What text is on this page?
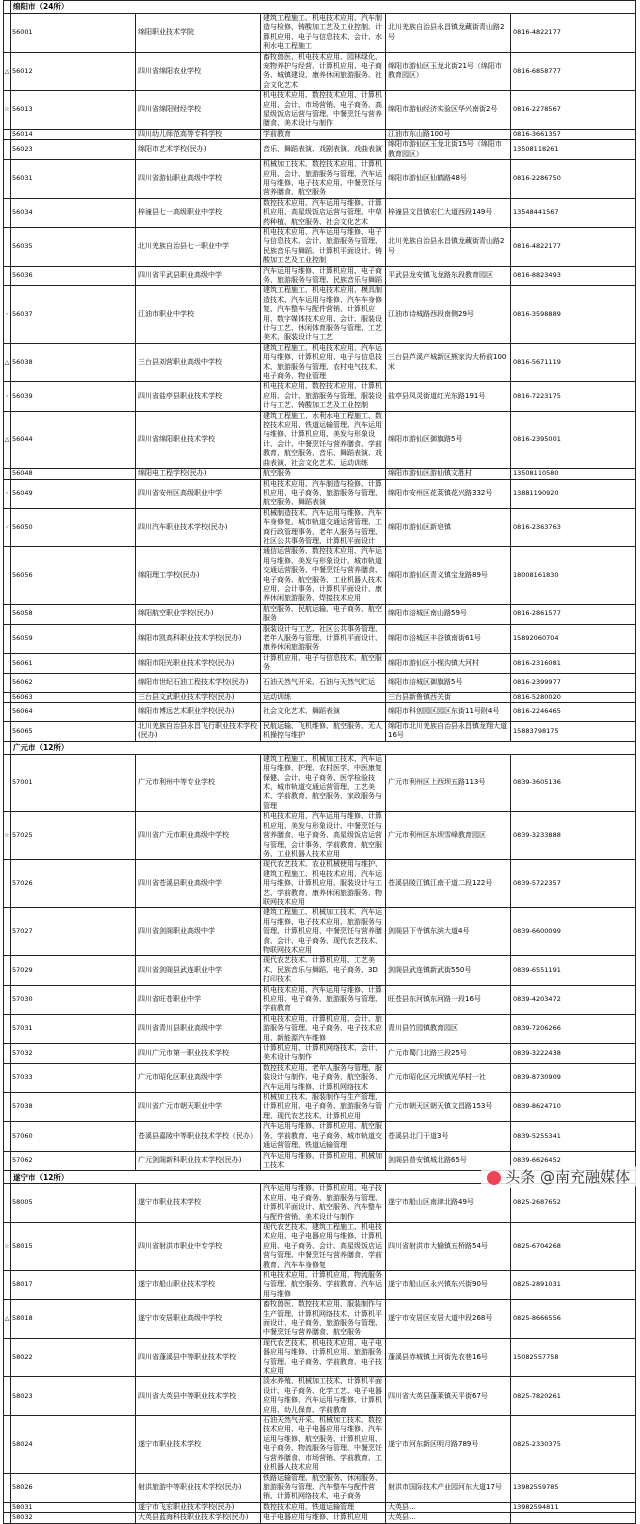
	绵阳市（24所）				
	56001	绵阳职业技术学院	建筑工程施工、机电技术应用、汽车制造与检修、铸酸加工艺及工业控制、计算机应用、电子与信息技术、会计、水利水电工程施工	北川羌族自治县永昌镇龙藏街青山路2号	0816-4822177
△	56012	四川省绵阳农业学校	畜牧兽医、机电技术应用、园林绿化、宠物养护与经营、计算机应用、电子商务、城镇建设、康养休闲旅游服务、社会文化艺术	绵阳市游仙区玉龙北街21号（绵阳市教育园区）	0816-6858777
☆	56013	四川省绵阳财经学校	机电技术应用、数控技术应用、计算机应用、会计、市场营销、电子商务、高星级饭店运营与管理、中餐烹饪与营养膳食、美术设计与制作	绵阳市游仙经济实验区华兴南街2号	0816-2278567
	56014	四川幼儿师范高等专科学校	学前教育	江油市东山路100号	0816-3661357
	56023	绵阳市艺术学校(民办)	音乐、舞蹈表演、戏剧表演、戏曲表演	绵阳市游仙区玉龙北街15号（绵阳市教育园区）	13508118261
	56031	四川省游仙职业高级中学校	机械加工技术、数控技术应用、计算机应用、会计、旅游服务与管理、汽车运用与维修、电子技术应用、中餐烹饪与营养膳食、航空服务	绵阳市游仙区仙鹤路48号	0816-2286750
	56034	梓潼县七一高级职业中学校	数控技术应用、汽车运用与维修、计算机应用、高星级饭店运营与管理、中草药种植、航空服务、社会文化艺术	梓潼县文昌镇宏仁大道西段149号	13548441567
	56035	北川羌族自治县七一职业中学	机电技术应用、汽车运用与维修、电子与信息技术、会计、旅游服务与管理、民族音乐与舞蹈、计算机平面设计、铸酸加工艺及工业控制	北川羌族自治县永昌镇龙藏街青山路2号	0816-4822177
	56036	四川省平武县职业高级中学	汽车运用与维修、计算机应用、电子商务、旅游服务与管理、民族音乐与舞蹈	平武县龙安镇飞龙路东段教育园区	0816-8823493
◦	56037	江油市职业中学校	建筑工程施工、机电技术应用、模具制造技术、汽车运用与维修、汽车车身修复、汽车整车与配件营销、计算机应用、数字媒体技术应用、会计、服装设计与工艺、休闲体育服务与管理、工艺美术、服装设计与工艺	江油市诗城路西段南侧29号	0816-3598889
△	56038	三台县刘营职业高级中学校	建筑工程施工、机电技术应用、汽车运用与维修、计算机应用、电子与信息技术、旅游服务与管理、农村电气技术、电子商务、物业管理	三台县芦溪产城新区熊家沟大桥前100米	0816-5671119
◦	56039	四川省盐亭县职业技术学校	机电技术应用、数控技术应用、计算机应用、会计、旅游服务与管理、服装设计与工艺、铸酸加工艺及工业控制	盐亭县凤灵街道红光东路191号	0816-7223175
△	56044	四川省绵阳职业技术学校	建筑工程施工、水利水电工程施工、数控技术应用、铁道运输管理、汽车运用与维修、计算机应用、美发与形象设计、会计、中餐烹饪与营养膳食、学前教育、航空服务、音乐、舞蹈表演、戏曲表演、社会文化艺术、运动训练	绵阳市游仙区御旗路5号	0816-2395001
	56048	绵阳电工程学校(民办)	航空服务	绵阳市游仙区游仙镇文胜村	13508110580
◦	56049	四川省安州区高级职业中学	机电技术应用、汽车制造与检修、计算机应用、电子商务、旅游服务与管理、航空服务、舞蹈表演	绵阳市安州区花荄镇花兴路332号	13881190920
◦	56050	四川汽车职业技术学校(民办)	机械制造技术、汽车运用与维修、汽车车身修复、城市轨道交通运营管理、工商行政管理事务、老年人服务与管理、社区公共事务管理、计算机平面设计	绵阳市游仙区新皂镇	0816-2363763
	56056	绵阳理工学校(民办)	通信运营服务、数控技术应用、汽车运用与维修、美发与形象设计、城市轨道交通运营服务、中餐烹饪与营养膳食、电子商务、航空服务、工业机器人技术应用、会计事务、计算机平面设计、康养休闲旅游服务、焊接技术应用	绵阳市游仙区青义镇宝龙路89号	18008161830
	56058	绵阳航空职业学校(民办)	航空服务、民航运输、电子商务、航空服务	绵阳市涪城区南山路59号	0816-2861577
	56059	绵阳市凯高科职业技术学校(民办)	服装设计与工艺、社区公共事务管理、老年人服务与管理、计算机平面设计、康养休闲旅游服务	绵阳市涪城区丰谷镇南街61号	15892060704
	56061	绵阳市阳光职业技术学校(民办)	计算机应用、电子与信息技术、航空服务	绵阳市游仙区小枧沟镇大河村	0816-2316081
	56062	绵阳市世纪石油工程技术学校(民办)	石油天然气开采、石油与天然气贮运	绵阳市涪城区御旗路5号	0816-2399977
	56063	三台县文武职业技术学校(民办)	运动训练	三台县新鲁镇西关街	0816-5280020
	56064	绵阳市博远艺术职业学校(民办)	社会文化艺术、舞蹈表演	绵阳市科创园区园区东街11号附4号	0816-2246465
	56065	北川羌族自治县永昌飞行职业技术学校(民办)	民航运输、飞机维修、航空服务、无人机操控与维护	绵阳市北川羌族自治县永昌镇龙翔大道16号	15883798175
	广元市（12所）				
	57001	广元市利州中等专业学校	建筑工程施工、机械加工技术、汽车运用与维修、护理、农村医学、中医康复保健、会计、电子商务、医学检验技术、城市轨道交通运营管理、工艺美术、学前教育、航空服务、家政服务与管理	广元市利州区上西坝五路113号	0839-3605136
☆	57025	四川省广元市职业高级中学校	机电技术应用、汽车运用与维修、计算机应用、美发与形象设计、中餐烹饪与营养膳食、电子商务、高星级饭店运营与管理、会计事务、学前教育、航空服务、工业机器人技术应用	广元市利州区东坝雪峰教育园区	0839-3233888
	57026	四川省苍溪县职业高级中学	现代农艺技术、农业机械使用与维护、建筑工程施工、机电技术应用、汽车运用与维修、计算机应用、服装设计与工艺、学前教育、康养休闲旅游服务、物联网技术应用	苍溪县陵江镇江南干道二段122号	0839-5722357
	57027	四川省剑阁职业高级中学	建筑工程施工、机械加工技术、汽车运用与维修、电子技术应用、旅游服务与管理、计算机应用、中餐烹饪与营养膳食、会计、电子商务、现代农艺技术、物联网技术应用	剑阁县下寺镇东滨大道4号	0839-6600099
	57029	四川省剑阁县武连职业中学	现代农艺技术、计算机应用、工艺美术、民族音乐与舞蹈、电子商务、3D打印技术	剑阁县武连镇新武街550号	0839-6551191
	57030	四川省旺苍职业中学	机电技术应用、汽车运用与维修、计算机应用、电子商务、旅游服务与管理、学前教育	旺苍县东河镇东河路一段16号	0839-4203472
	57031	四川省青川县职业高级中学	机电技术应用、计算机应用、会计、旅游服务与管理、电子商务、电子技术应用、新能源汽车维修	青川县竹园镇教育园区	0839-7206266
	57032	四川广元市第一职业技术学校	计算机应用、计算机网络技术、会计、美术设计与制作	广元市蜀门北路三段25号	0839-3222438
	57033	广元市昭化区职业高级中学	数控技术应用、老年人服务与管理、服装设计与制作、电子商务、航空服务、汽车运用与维修、计算机网络技术	广元市昭化区元坝镇光华村一社	0839-8730909
	57038	四川省广元市朝天职业中学	机械加工技术、服装制作与生产管理、计算机应用、电子商务、旅游服务与管理、现代农艺技术、计算机应用	广元市朝天区朝天镇文昌路153号	0839-8624710
	57060	苍溪县嘉陵中等职业技术学校（民办）	汽车运用与维修、计算机应用、航空服务、学前教育、电子商务、城市轨道交通运营管理、铁道运输管理	苍溪县北门干道3号	0839-5255341
	57062	广元剑阁新科职业技术学校(民办)	汽车运用与维修、计算机应用、机械加工技术	剑阁县普安镇城北路65号	0839-6626452
	遂宁市（12所）				
	58005	遂宁市职业技术学校	汽车运用与维修、计算机应用、电子技术应用、电子商务、旅游服务与管理、计算机平面设计、航空服务、汽车整车与配件营销、美术设计与制作	遂宁市船山区南津北路49号	0825-2687652
☆	58015	四川省射洪市职业中专学校	现代农艺技术、建筑工程施工、机电技术应用、电子电器应用与维修、计算机应用、电子商务、会计、高星级饭店运营与管理、中餐烹饪与营养膳食、学前教育、汽车车身修复	四川省射洪市大榆镇五桥路54号	0825-6704268
	58017	遂宁市船山职业技术学校	机电技术应用、计算机应用、物流服务与管理、航空服务、学前教育、汽车运用与维修	遂宁市船山区永兴镇东兴街90号	0825-2891031
△	58018	遂宁市安居职业高级中学校	畜牧兽医、数控技术应用、服装制作与生产管理、计算机网络技术、计算机平面设计、电子商务、旅游服务与管理、中餐烹饪与营养膳食、航空服务	遂宁市安居区安居大道中段268号	0825-8666556
	58022	四川省蓬溪县中等职业技术学校	现代农艺技术、机电技术应用、电子电器应用与维修、计算机应用、旅游服务与管理、电子商务、学前教育、电子技术应用	蓬溪县赤城镇上河街先农巷16号	15082557758
	58023	四川省大英县中等职业技术学校	淡水养殖、机械加工技术、计算机平面设计、电子商务、化学工艺、电子电器应用与维修、汽车运用与维修、计算机应用、幼儿保育、学前教育	四川省大英县蓬莱镇天平街67号	0825-7820261
	58024	遂宁市职业技术学校	石油天然气开采、机械加工技术、数控技术应用、电子电器应用与维修、汽车运用与维修、航空服务、计算机应用、电子商务、物流服务与管理、中餐烹饪与营养膳食、市场营销、学前教育、工业机器人技术应用	遂宁市河东新区明月路789号	0825-2330375
	58026	射洪旅游中等职业技术学校(民办)	铁路运输管理、航空服务、休闲服务、旅游服务与管理、汽车整车与配件营销、计算机网络技术、电子商务	射洪市国际技术产业园河东大道17号	13982559785
	58031	遂宁市飞宏职业技术学校(民办)	数控技术应用、铁道运输管理	大英县...	13982594811
	58032	大英县蓝海科技职业技术学校(民办)	电子电器应用与维修、计算机应用	大英县...	
头条 @南充融媒体
